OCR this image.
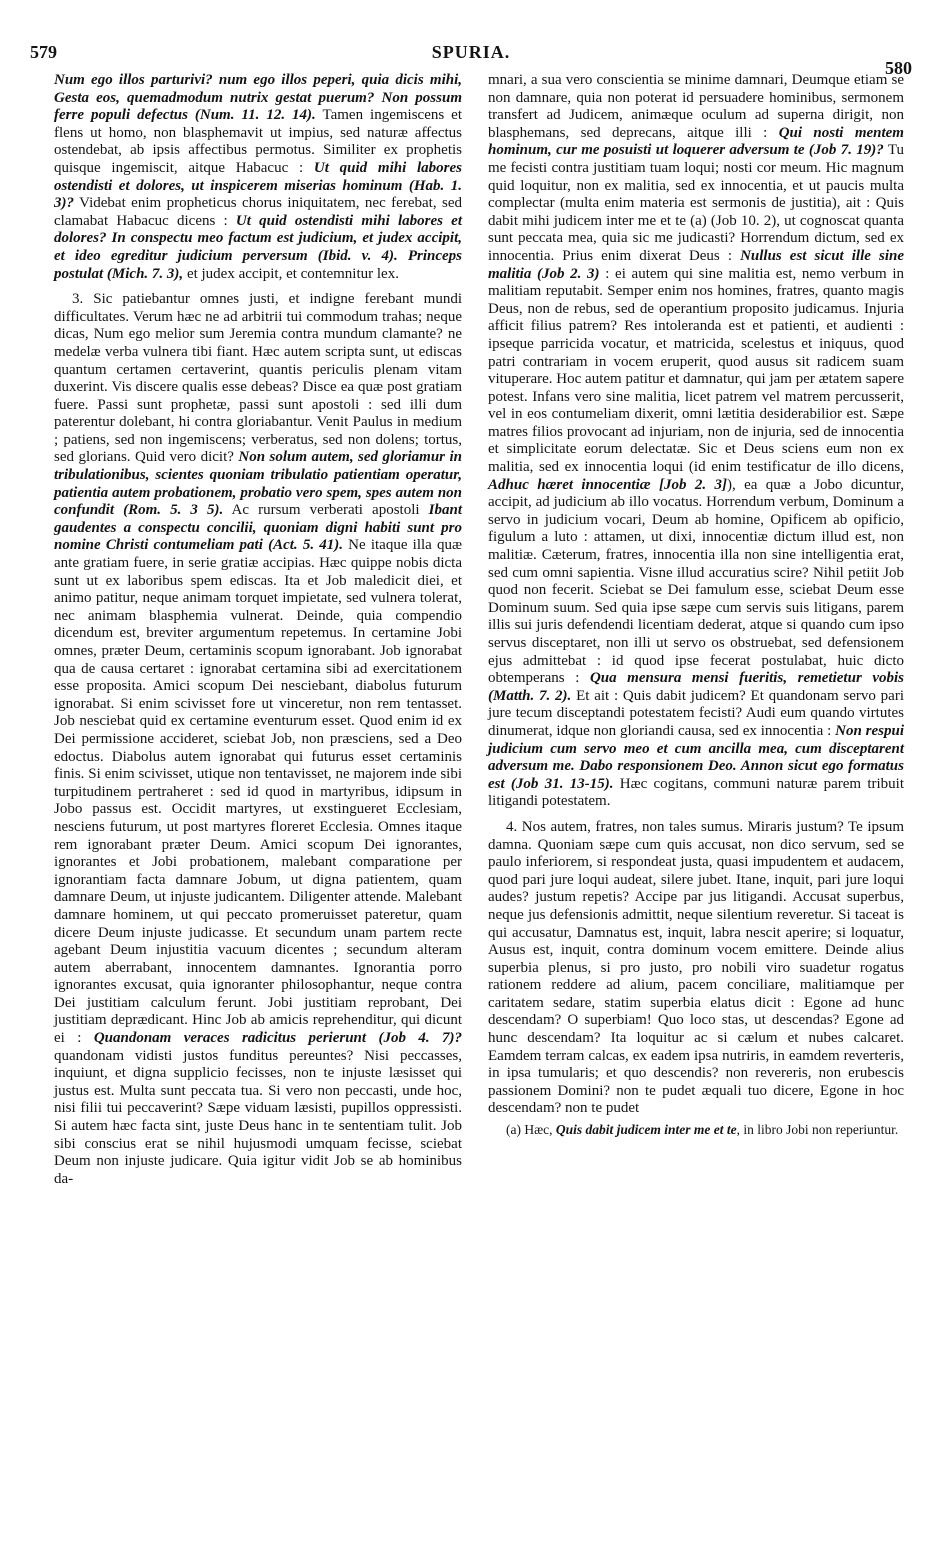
579	SPURIA.
580

Num ego illos parturivi? num ego illos peperi, quia dicis mihi, Gesta eos, quemadmodum nutrix gestat puerum? Non possum ferre populi defectus (Num. 11. 12. 14). Tamen ingemiscens et flens ut homo, non blasphemavit ut impius, sed naturæ affectus ostendebat, ab ipsis affectibus permotus. Similiter ex prophetis quisque ingemiscit, aitque Habacuc : Ut quid mihi labores ostendisti et dolores, ut inspicerem miserias hominum (Hab. 1. 3)? Videbat enim propheticus chorus iniquitatem, nec ferebat, sed clamabat Habacuc dicens : Ut quid ostendisti mihi labores et dolores? In conspectu meo factum est judicium, et judex accipit, et ideo egreditur judicium perversum (Ibid. v. 4). Princeps postulat (Mich. 7. 3), et judex accipit, et contemnitur lex.

3. Sic patiebantur omnes justi, et indigne ferebant mundi difficultates. Verum hæc ne ad arbitrii tui commodum trahas; neque dicas, Num ego melior sum Jeremia contra mundum clamante? ne medelæ verba vulnera tibi fiant. Hæc autem scripta sunt, ut ediscas quantum certamen certaverint, quantis periculis plenam vitam duxerint. Vis discere qualis esse debeas? Disce ea quæ post gratiam fuere. Passi sunt prophetæ, passi sunt apostoli : sed illi dum paterentur dolebant, hi contra gloriabantur. Venit Paulus in medium ; patiens, sed non ingemiscens; verberatus, sed non dolens; tortus, sed glorians. Quid vero dicit? Non solum autem, sed gloriamur in tribulationibus, scientes quoniam tribulatio patientiam operatur, patientia autem probationem, probatio vero spem, spes autem non confundit (Rom. 5. 3 5). Ac rursum verberati apostoli Ibant gaudentes a conspectu concilii, quoniam digni habiti sunt pro nomine Christi contumeliam pati (Act. 5. 41). Ne itaque illa quæ ante gratiam fuere, in serie gratiæ accipias. Hæc quippe nobis dicta sunt ut ex laboribus spem ediscas. Ita et Job maledicit diei, et animo patitur, neque animam torquet impietate, sed vulnera tolerat, nec animam blasphemia vulnerat. Deinde, quia compendio dicendum est, breviter argumentum repetemus. In certamine Jobi omnes, præter Deum, certaminis scopum ignorabant. Job ignorabat qua de causa certaret : ignorabat certamina sibi ad exercitationem esse proposita. Amici scopum Dei nesciebant, diabolus futurum ignorabat. Si enim scivisset fore ut vinceretur, non rem tentasset. Job nesciebat quid ex certamine eventurum esset. Quod enim id ex Dei permissione accideret, sciebat Job, non præsciens, sed a Deo edoctus. Diabolus autem ignorabat qui futurus esset certaminis finis. Si enim scivisset, utique non tentavisset, ne majorem inde sibi turpitudinem pertraheret : sed id quod in martyribus, idipsum in Jobo passus est. Occidit martyres, ut exstingueret Ecclesiam, nesciens futurum, ut post martyres floreret Ecclesia. Omnes itaque rem ignorabant præter Deum. Amici scopum Dei ignorantes, ignorantes et Jobi probationem, malebant comparatione per ignorantiam facta damnare Jobum, ut digna patientem, quam damnare Deum, ut injuste judicantem. Diligenter attende. Malebant damnare hominem, ut qui peccato promeruisset pateretur, quam dicere Deum injuste judicasse. Et secundum unam partem recte agebant Deum injustitia vacuum dicentes ; secundum alteram autem aberrabant, innocentem damnantes. Ignorantia porro ignorantes excusat, quia ignoranter philosophantur, neque contra Dei justitiam calculum ferunt. Jobi justitiam reprobant, Dei justitiam deprædicant. Hinc Job ab amicis reprehenditur, qui dicunt ei : Quandonam veraces radicitus perierunt (Job 4. 7)? quandonam vidisti justos funditus pereuntes? Nisi peccasses, inquiunt, et digna supplicio fecisses, non te injuste læsisset qui justus est. Multa sunt peccata tua. Si vero non peccasti, unde hoc, nisi filii tui peccaverint? Sæpe viduam læsisti, pupillos oppressisti. Si autem hæc facta sint, juste Deus hanc in te sententiam tulit. Job sibi conscius erat se nihil hujusmodi umquam fecisse, sciebat Deum non injuste judicare. Quia igitur vidit Job se ab hominibus da-

mnari, a sua vero conscientia se minime damnari, Deumque etiam se non damnare, quia non poterat id persuadere hominibus, sermonem transfert ad Judicem, animæque oculum ad superna dirigit, non blasphemans, sed deprecans, aitque illi : Qui nosti mentem hominum, cur me posuisti ut loquerer adversum te (Job 7. 19)? Tu me fecisti contra justitiam tuam loqui; nosti cor meum. Hic magnum quid loquitur, non ex malitia, sed ex innocentia, et ut paucis multa complectar (multa enim materia est sermonis de justitia), ait : Quis dabit mihi judicem inter me et te (a) (Job 10. 2), ut cognoscat quanta sunt peccata mea, quia sic me judicasti? Horrendum dictum, sed ex innocentia. Prius enim dixerat Deus : Nullus est sicut ille sine malitia (Job 2. 3) : ei autem qui sine malitia est, nemo verbum in malitiam reputabit. Semper enim nos homines, fratres, quanto magis Deus, non de rebus, sed de operantium proposito judicamus. Injuria afficit filius patrem? Res intoleranda est et patienti, et audienti : ipseque parricida vocatur, et matricida, scelestus et iniquus, quod patri contrariam in vocem eruperit, quod ausus sit radicem suam vituperare. Hoc autem patitur et damnatur, qui jam per ætatem sapere potest. Infans vero sine malitia, licet patrem vel matrem percusserit, vel in eos contumeliam dixerit, omni lætitia desiderabilior est. Sæpe matres filios provocant ad injuriam, non de injuria, sed de innocentia et simplicitate eorum delectatæ. Sic et Deus sciens eum non ex malitia, sed ex innocentia loqui (id enim testificatur de illo dicens, Adhuc hæret innocentiæ [Job 2. 3]), ea quæ a Jobo dicuntur, accipit, ad judicium ab illo vocatus. Horrendum verbum, Dominum a servo in judicium vocari, Deum ab homine, Opificem ab opificio, figulum a luto : attamen, ut dixi, innocentiæ dictum illud est, non malitiæ. Cæterum, fratres, innocentia illa non sine intelligentia erat, sed cum omni sapientia. Visne illud accuratius scire? Nihil petiit Job quod non fecerit. Sciebat se Dei famulum esse, sciebat Deum esse Dominum suum. Sed quia ipse sæpe cum servis suis litigans, parem illis sui juris defendendi licentiam dederat, atque si quando cum ipso servus disceptaret, non illi ut servo os obstruebat, sed defensionem ejus admittebat : id quod ipse fecerat postulabat, huic dicto obtemperans : Qua mensura mensi fueritis, remetietur vobis (Matth. 7. 2). Et ait : Quis dabit judicem? Et quandonam servo pari jure tecum disceptandi potestatem fecisti? Audi eum quando virtutes dinumerat, idque non gloriandi causa, sed ex innocentia : Non respui judicium cum servo meo et cum ancilla mea, cum disceptarent adversum me. Dabo responsionem Deo. Annon sicut ego formatus est (Job 31. 13-15). Hæc cogitans, communi naturæ parem tribuit litigandi potestatem.

4. Nos autem, fratres, non tales sumus. Miraris justum? Te ipsum damna. Quoniam sæpe cum quis accusat, non dico servum, sed se paulo inferiorem, si respondeat justa, quasi impudentem et audacem, quod pari jure loqui audeat, silere jubet. Itane, inquit, pari jure loqui audes? justum repetis? Accipe par jus litigandi. Accusat superbus, neque jus defensionis admittit, neque silentium reveretur. Si taceat is qui accusatur, Damnatus est, inquit, labra nescit aperire; si loquatur, Ausus est, inquit, contra dominum vocem emittere. Deinde alius superbia plenus, si pro justo, pro nobili viro suadetur rogatus rationem reddere ad alium, pacem conciliare, malitiamque per caritatem sedare, statim superbia elatus dicit : Egone ad hunc descendam? O superbiam! Quo loco stas, ut descendas? Egone ad hunc descendam? Ita loquitur ac si cælum et nubes calcaret. Eamdem terram calcas, ex eadem ipsa nutriris, in eamdem reverteris, in ipsa tumularis; et quo descendis? non revereris, non erubescis passionem Domini? non te pudet æquali tuo dicere, Egone in hoc descendam? non te pudet

(a) Hæc, Quis dabit judicem inter me et te, in libro Jobi non reperiuntur.
